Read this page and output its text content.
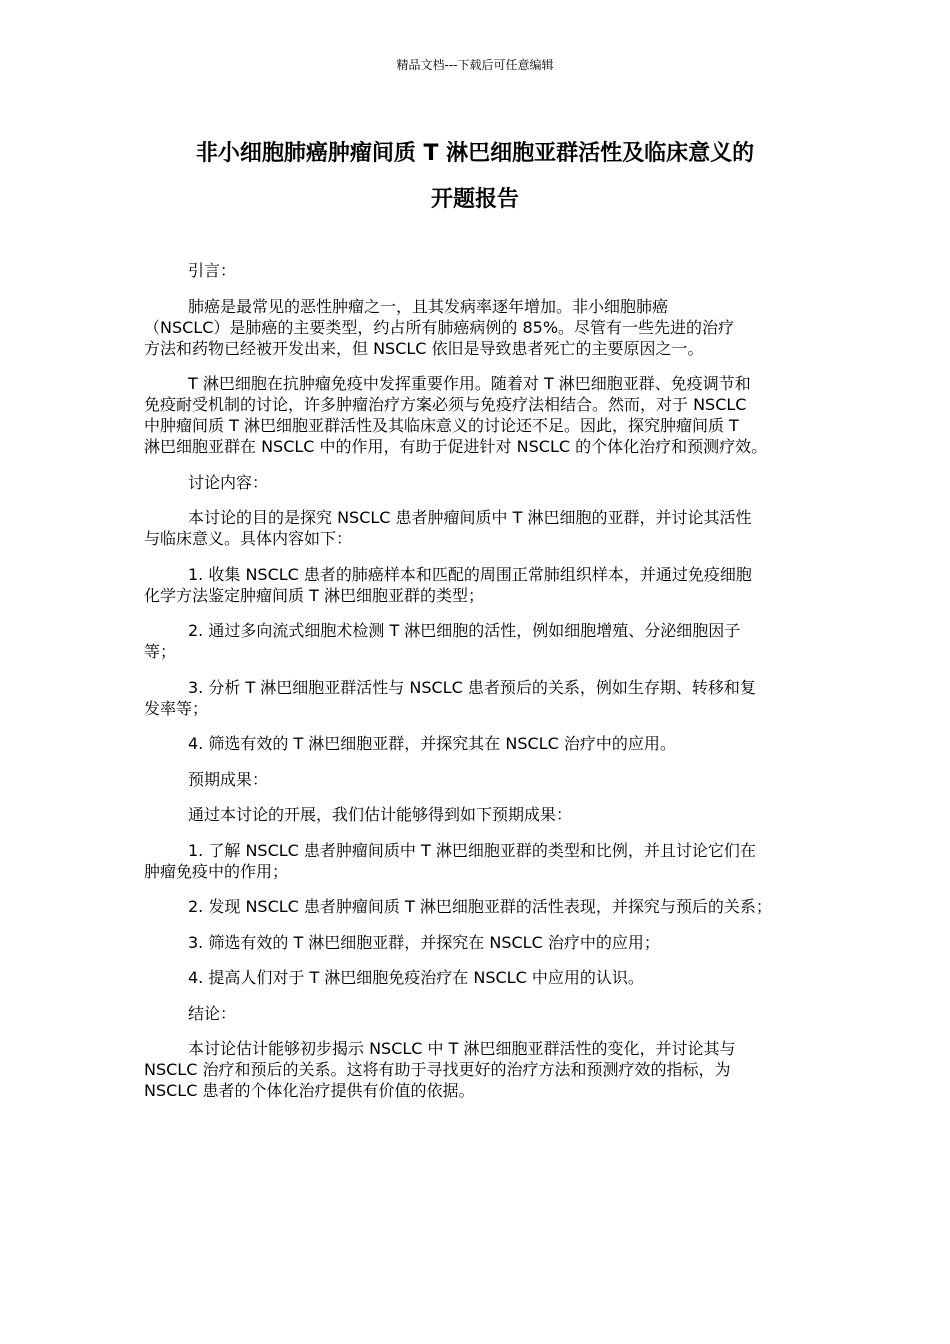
精品文档---下载后可任意编辑
非小细胞肺癌肿瘤间质 T 淋巴细胞亚群活性及临床意义的
开题报告

引言：

肺癌是最常见的恶性肿瘤之一，且其发病率逐年增加。非小细胞肺癌
（NSCLC）是肺癌的主要类型，约占所有肺癌病例的 85%。尽管有一些先进的治疗
方法和药物已经被开发出来，但 NSCLC 依旧是导致患者死亡的主要原因之一。

T 淋巴细胞在抗肿瘤免疫中发挥重要作用。随着对 T 淋巴细胞亚群、免疫调节和
免疫耐受机制的讨论，许多肿瘤治疗方案必须与免疫疗法相结合。然而，对于 NSCLC
中肿瘤间质 T 淋巴细胞亚群活性及其临床意义的讨论还不足。因此，探究肿瘤间质 T
淋巴细胞亚群在 NSCLC 中的作用，有助于促进针对 NSCLC 的个体化治疗和预测疗效。

讨论内容：

本讨论的目的是探究 NSCLC 患者肿瘤间质中 T 淋巴细胞的亚群，并讨论其活性
与临床意义。具体内容如下：

1. 收集 NSCLC 患者的肺癌样本和匹配的周围正常肺组织样本，并通过免疫细胞
化学方法鉴定肿瘤间质 T 淋巴细胞亚群的类型；

2. 通过多向流式细胞术检测 T 淋巴细胞的活性，例如细胞增殖、分泌细胞因子
等；

3. 分析 T 淋巴细胞亚群活性与 NSCLC 患者预后的关系，例如生存期、转移和复
发率等；

4. 筛选有效的 T 淋巴细胞亚群，并探究其在 NSCLC 治疗中的应用。

预期成果：

通过本讨论的开展，我们估计能够得到如下预期成果：

1. 了解 NSCLC 患者肿瘤间质中 T 淋巴细胞亚群的类型和比例，并且讨论它们在
肿瘤免疫中的作用；

2. 发现 NSCLC 患者肿瘤间质 T 淋巴细胞亚群的活性表现，并探究与预后的关系；

3. 筛选有效的 T 淋巴细胞亚群，并探究在 NSCLC 治疗中的应用；

4. 提高人们对于 T 淋巴细胞免疫治疗在 NSCLC 中应用的认识。

结论：

本讨论估计能够初步揭示 NSCLC 中 T 淋巴细胞亚群活性的变化，并讨论其与
NSCLC 治疗和预后的关系。这将有助于寻找更好的治疗方法和预测疗效的指标，为
NSCLC 患者的个体化治疗提供有价值的依据。
